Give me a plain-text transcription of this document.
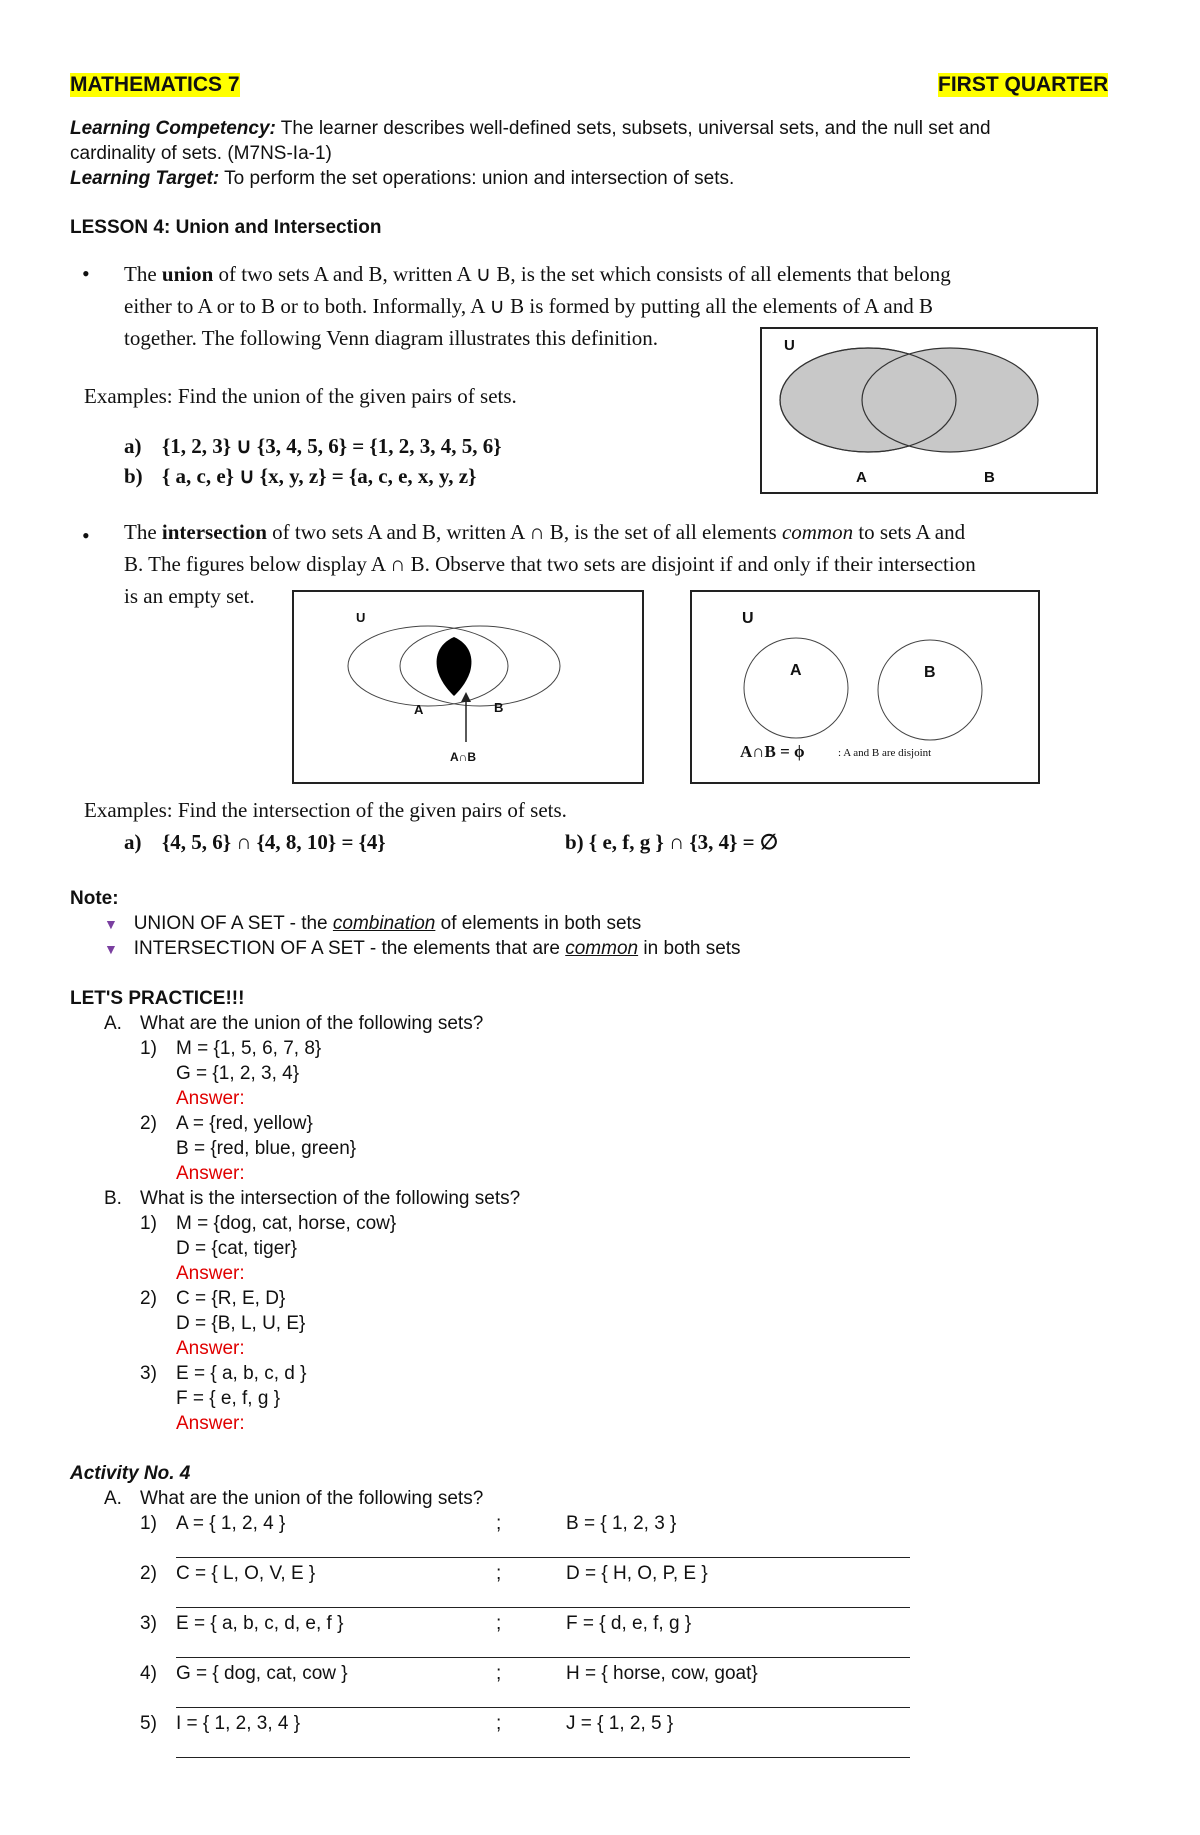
MATHEMATICS 7	FIRST QUARTER
Learning Competency: The learner describes well-defined sets, subsets, universal sets, and the null set and
cardinality of sets. (M7NS-Ia-1)
Learning Target: To perform the set operations: union and intersection of sets.
LESSON 4: Union and Intersection
• The union of two sets A and B, written A ∪ B, is the set which consists of all elements that belong
either to A or to B or to both. Informally, A ∪ B is formed by putting all the elements of A and B
together. The following Venn diagram illustrates this definition.	U
A	B
Examples: Find the union of the given pairs of sets.
a) {1, 2, 3} ∪ {3, 4, 5, 6} = {1, 2, 3, 4, 5, 6}
b) { a, c, e} ∪ {x, y, z} = {a, c, e, x, y, z}
• The intersection of two sets A and B, written A ∩ B, is the set of all elements common to sets A and
B. The figures below display A ∩ B. Observe that two sets are disjoint if and only if their intersection
is an empty set.
U
A	B
A∩B
U
A	B
A∩B = ϕ	: A and B are disjoint
Examples: Find the intersection of the given pairs of sets.
a) {4, 5, 6} ∩ {4, 8, 10} = {4}	b) { e, f, g } ∩ {3, 4} = ∅
Note:
▼ UNION OF A SET - the combination of elements in both sets
▼ INTERSECTION OF A SET - the elements that are common in both sets
LET'S PRACTICE!!!
A. What are the union of the following sets?
1) M = {1, 5, 6, 7, 8}
G = {1, 2, 3, 4}
Answer:
2) A = {red, yellow}
B = {red, blue, green}
Answer:
B. What is the intersection of the following sets?
1) M = {dog, cat, horse, cow}
D = {cat, tiger}
Answer:
2) C = {R, E, D}
D = {B, L, U, E}
Answer:
3) E = { a, b, c, d }
F = { e, f, g }
Answer:
Activity No. 4
A. What are the union of the following sets?
1) A = { 1, 2, 4 }	;	B = { 1, 2, 3 }
2) C = { L, O, V, E }	;	D = { H, O, P, E }
3) E = { a, b, c, d, e, f }	;	F = { d, e, f, g }
4) G = { dog, cat, cow }	;	H = { horse, cow, goat}
5) I = { 1, 2, 3, 4 }	;	J = { 1, 2, 5 }
